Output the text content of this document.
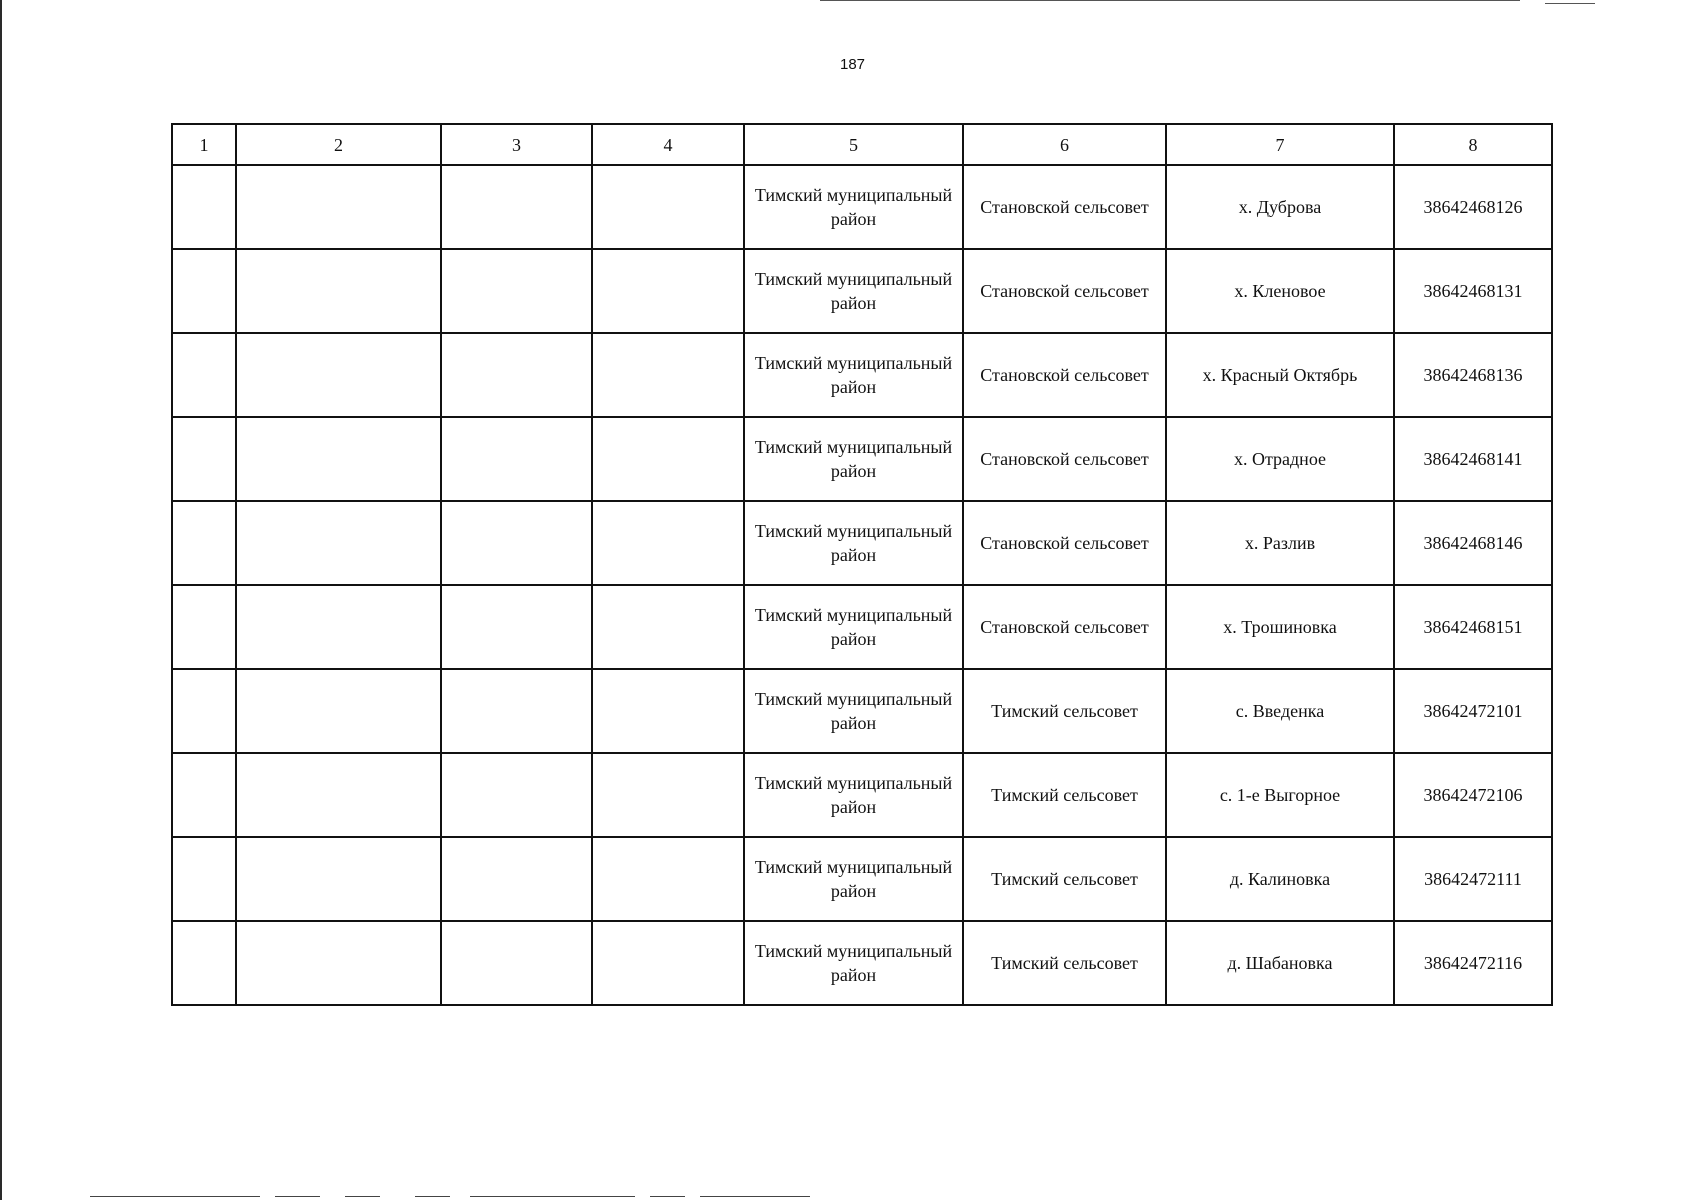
187
1	2	3	4	5	6	7	8
				Тимский муниципальный район	Становской сельсовет	х. Дуброва	38642468126
				Тимский муниципальный район	Становской сельсовет	х. Кленовое	38642468131
				Тимский муниципальный район	Становской сельсовет	х. Красный Октябрь	38642468136
				Тимский муниципальный район	Становской сельсовет	х. Отрадное	38642468141
				Тимский муниципальный район	Становской сельсовет	х. Разлив	38642468146
				Тимский муниципальный район	Становской сельсовет	х. Трошиновка	38642468151
				Тимский муниципальный район	Тимский сельсовет	с. Введенка	38642472101
				Тимский муниципальный район	Тимский сельсовет	с. 1-е Выгорное	38642472106
				Тимский муниципальный район	Тимский сельсовет	д. Калиновка	38642472111
				Тимский муниципальный район	Тимский сельсовет	д. Шабановка	38642472116
